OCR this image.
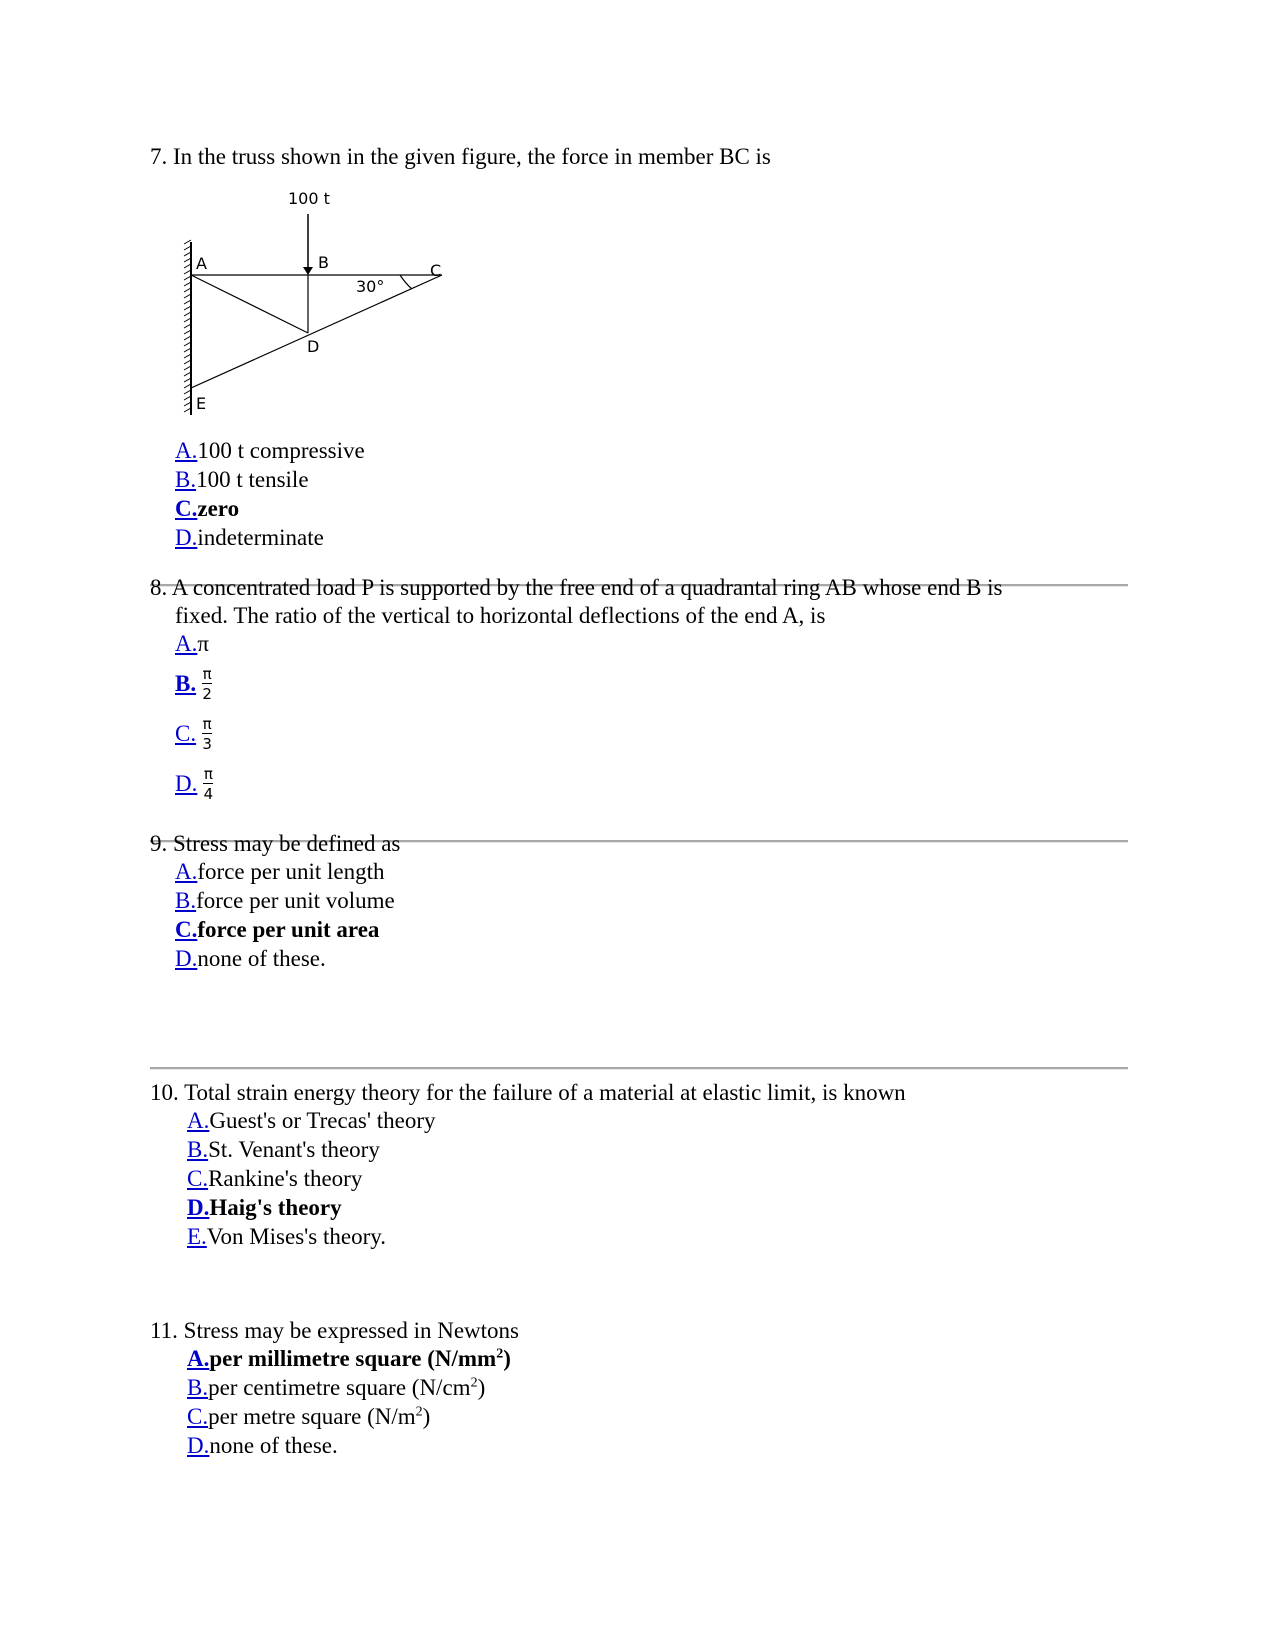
7. In the truss shown in the given figure, the force in member BC is
100 t
A	B	C
D
E
30°
A.100 t compressive
B.100 t tensile
C.zero
D.indeterminate
8. A concentrated load P is supported by the free end of a quadrantal ring AB whose end B is
fixed. The ratio of the vertical to horizontal deflections of the end A, is
A.π
B. $\frac{\pi}{2}$
C. $\frac{\pi}{3}$
D. $\frac{\pi}{4}$
9. Stress may be defined as
A.force per unit length
B.force per unit volume
C.force per unit area
D.none of these.
10. Total strain energy theory for the failure of a material at elastic limit, is known
A.Guest's or Trecas' theory
B.St. Venant's theory
C.Rankine's theory
D.Haig's theory
E.Von Mises's theory.
11. Stress may be expressed in Newtons
A.per millimetre square $(N/mm^2)$
B.per centimetre square $(N/cm^2)$
C.per metre square $(N/m^2)$
D.none of these.
